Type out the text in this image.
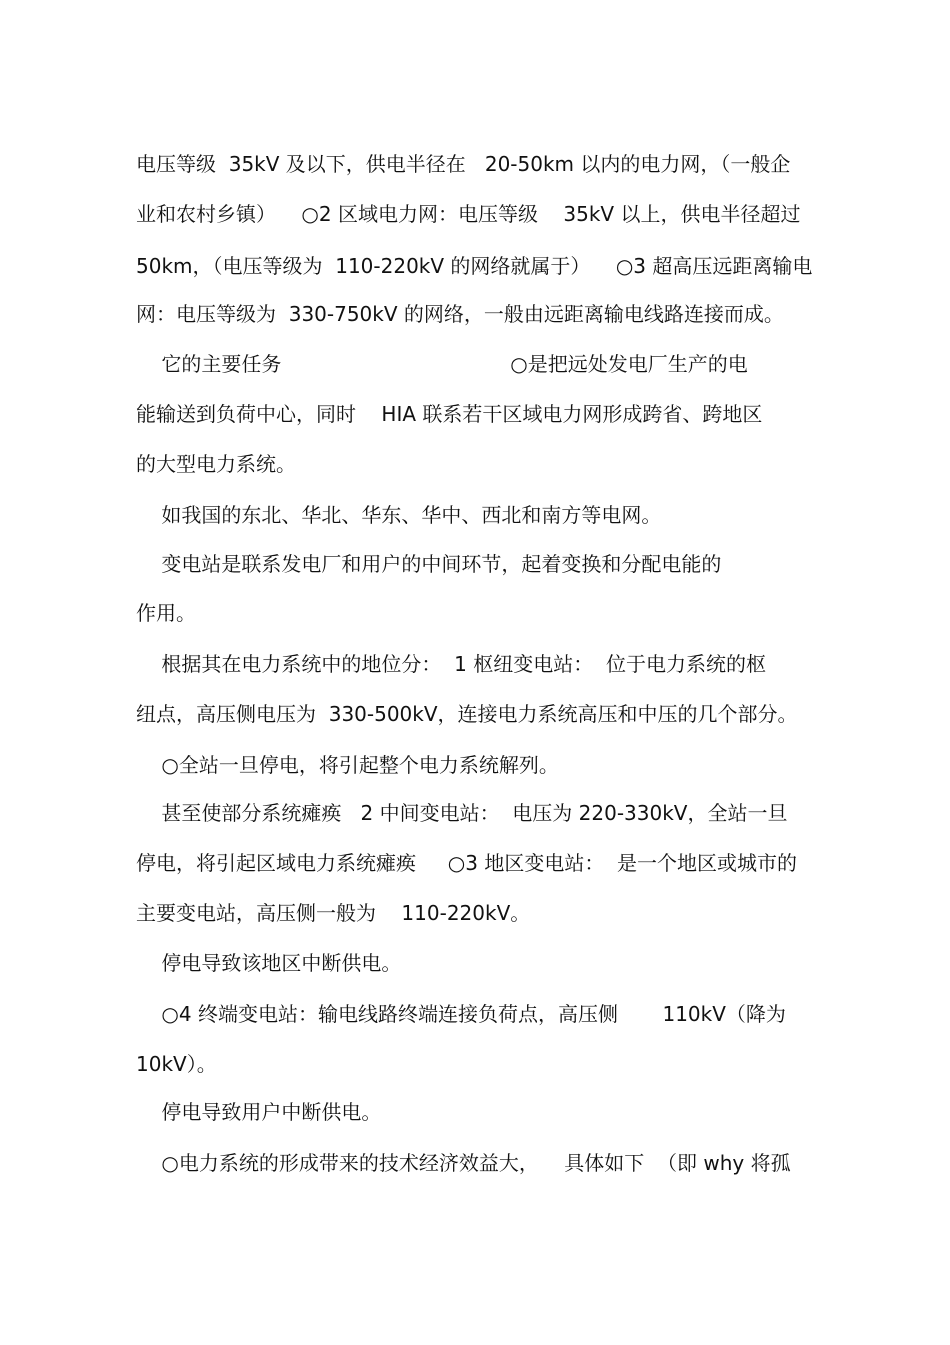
电压等级  35kV 及以下，供电半径在   20-50km 以内的电力网，（一般企
业和农村乡镇）    ○2 区域电力网：电压等级    35kV 以上，供电半径超过
50km，（电压等级为  110-220kV 的网络就属于）    ○3 超高压远距离输电
网：电压等级为  330-750kV 的网络，一般由远距离输电线路连接而成。
它的主要任务                                    ○是把远处发电厂生产的电
能输送到负荷中心，同时    HIA 联系若干区域电力网形成跨省、跨地区
的大型电力系统。
如我国的东北、华北、华东、华中、西北和南方等电网。
变电站是联系发电厂和用户的中间环节，起着变换和分配电能的
作用。
根据其在电力系统中的地位分：  1 枢纽变电站：  位于电力系统的枢
纽点，高压侧电压为  330-500kV，连接电力系统高压和中压的几个部分。
○全站一旦停电，将引起整个电力系统解列。
甚至使部分系统瘫痪   2 中间变电站：  电压为 220-330kV，全站一旦
停电，将引起区域电力系统瘫痪     ○3 地区变电站：  是一个地区或城市的
主要变电站，高压侧一般为    110-220kV。
停电导致该地区中断供电。
○4 终端变电站：输电线路终端连接负荷点，高压侧       110kV（降为
10kV）。
停电导致用户中断供电。
○电力系统的形成带来的技术经济效益大，    具体如下  （即 why 将孤
